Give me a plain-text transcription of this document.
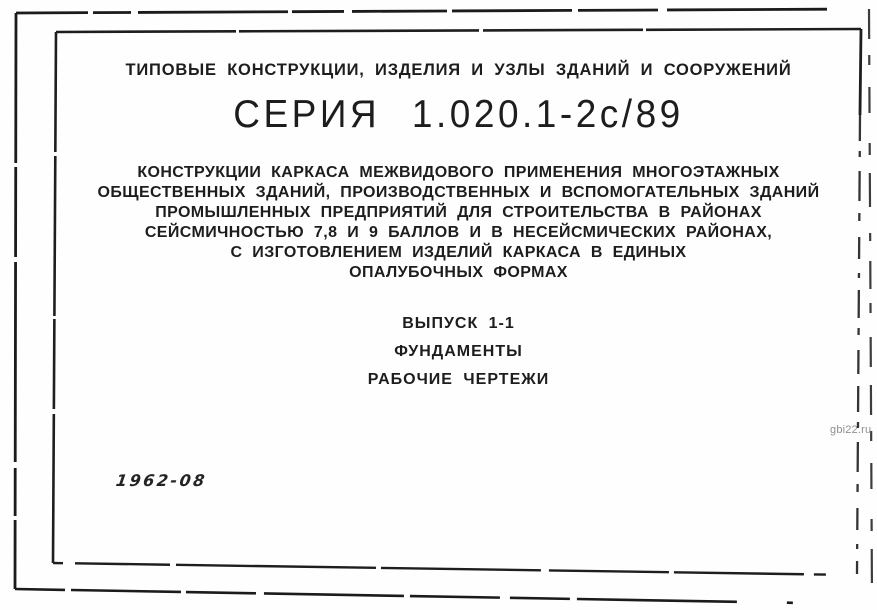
ТИПОВЫЕ КОНСТРУКЦИИ, ИЗДЕЛИЯ И УЗЛЫ ЗДАНИЙ И СООРУЖЕНИЙ
СЕРИЯ 1.020.1-2с/89
КОНСТРУКЦИИ КАРКАСА МЕЖВИДОВОГО ПРИМЕНЕНИЯ МНОГОЭТАЖНЫХ
ОБЩЕСТВЕННЫХ ЗДАНИЙ, ПРОИЗВОДСТВЕННЫХ И ВСПОМОГАТЕЛЬНЫХ ЗДАНИЙ
ПРОМЫШЛЕННЫХ ПРЕДПРИЯТИЙ ДЛЯ СТРОИТЕЛЬСТВА В РАЙОНАХ
СЕЙСМИЧНОСТЬЮ 7,8 И 9 БАЛЛОВ И В НЕСЕЙСМИЧЕСКИХ РАЙОНАХ,
С ИЗГОТОВЛЕНИЕМ ИЗДЕЛИЙ КАРКАСА В ЕДИНЫХ
ОПАЛУБОЧНЫХ ФОРМАХ
ВЫПУСК 1-1
ФУНДАМЕНТЫ
РАБОЧИЕ ЧЕРТЕЖИ
1962-08
gbi22.ru
